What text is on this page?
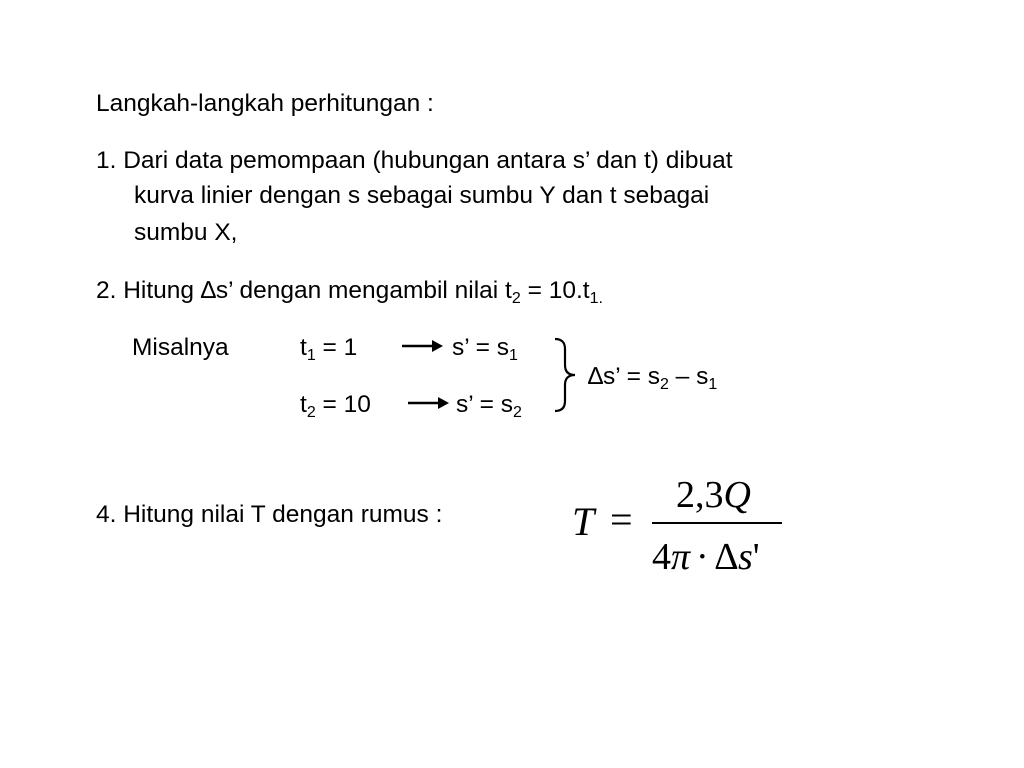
Langkah-langkah perhitungan :
1. Dari data pemompaan (hubungan antara s’ dan t) dibuat
kurva linier dengan s sebagai sumbu Y dan t sebagai
sumbu X,
2. Hitung ∆s’ dengan mengambil nilai $t_2 = 10.t_{1.}$
Misalnya	$t_1 = 1$	s’ = $s_1$
$t_2 = 10$	s’ = $s_2$
∆s’ = $s_2 - s_1$
4. Hitung nilai T dengan rumus :	T =
2,3Q
4π · ∆s'
